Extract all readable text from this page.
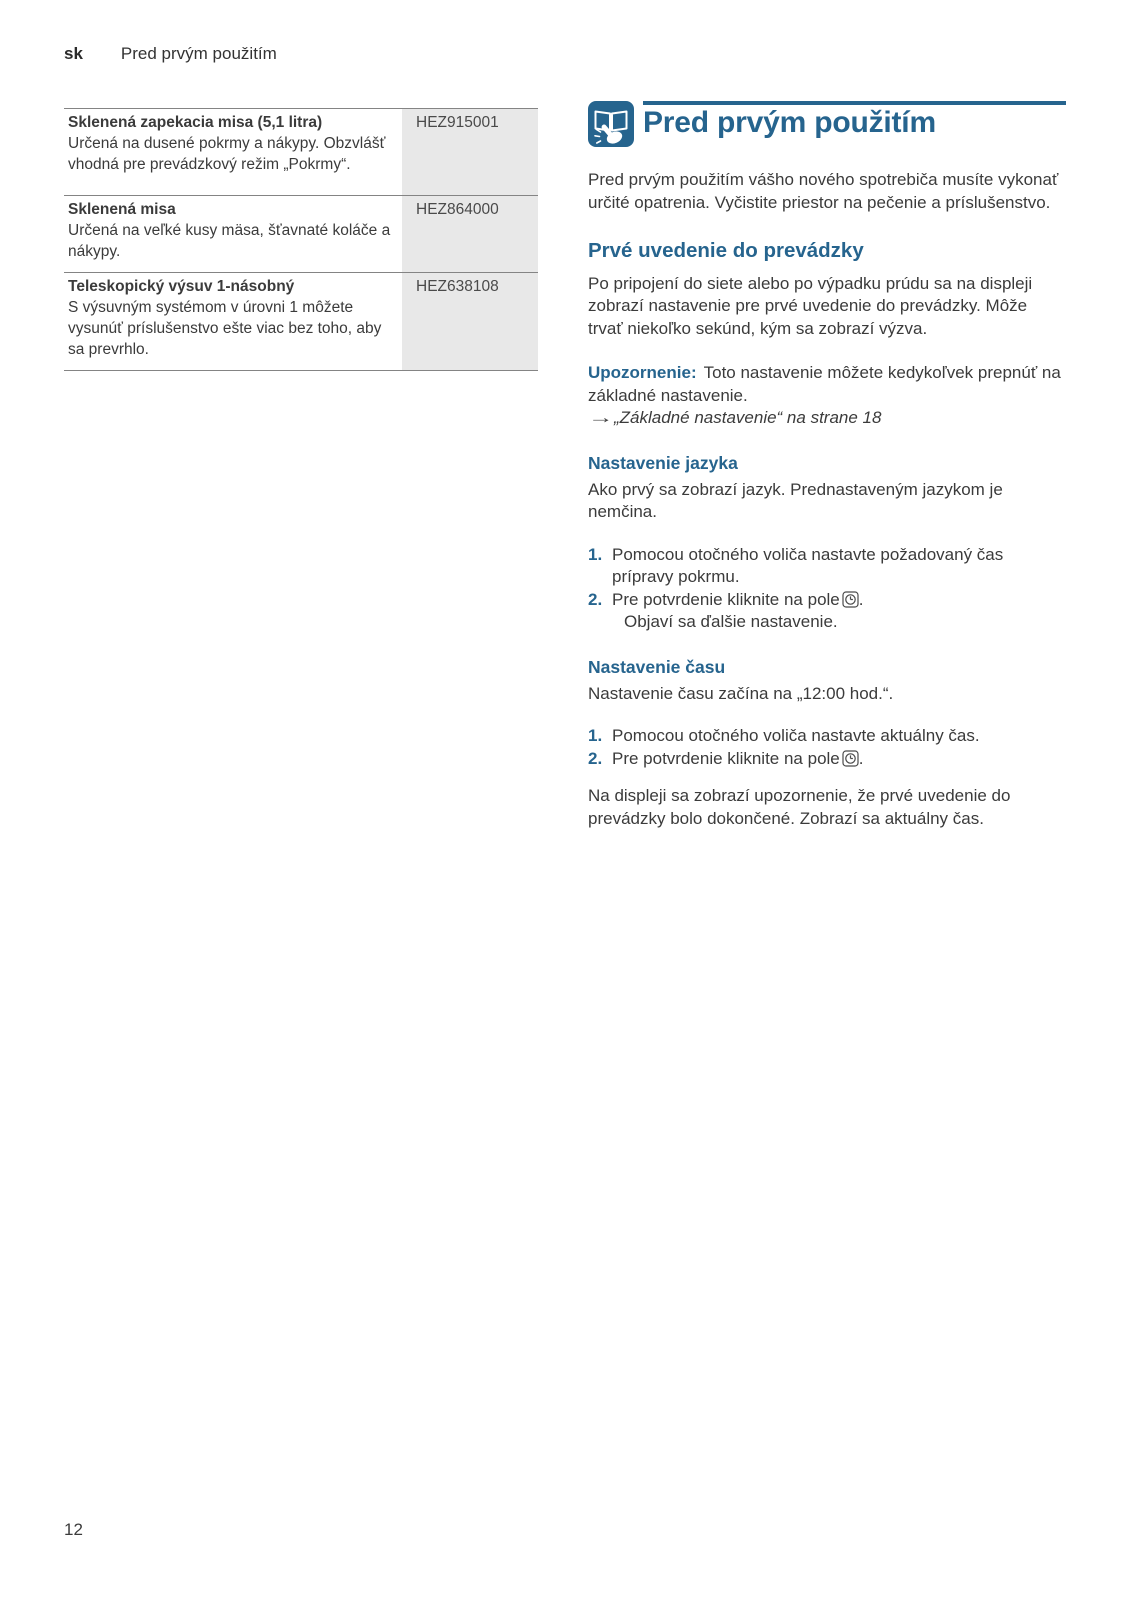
sk Pred prvým použitím
Sklenená zapekacia misa (5,1 litra)
Určená na dusené pokrmy a nákypy. Obzvlášť vhodná pre prevádzkový režim „Pokrmy“.
HEZ915001
Sklenená misa
Určená na veľké kusy mäsa, šťavnaté koláče a nákypy.
HEZ864000
Teleskopický výsuv 1-násobný
S výsuvným systémom v úrovni 1 môžete vysunúť príslušenstvo ešte viac bez toho, aby sa prevrhlo.
HEZ638108
Pred prvým použitím

Pred prvým použitím vášho nového spotrebiča musíte vykonať určité opatrenia. Vyčistite priestor na pečenie a príslušenstvo.

Prvé uvedenie do prevádzky

Po pripojení do siete alebo po výpadku prúdu sa na displeji zobrazí nastavenie pre prvé uvedenie do prevádzky. Môže trvať niekoľko sekúnd, kým sa zobrazí výzva.

Upozornenie: Toto nastavenie môžete kedykoľvek prepnúť na základné nastavenie.

→„Základné nastavenie“ na strane 18
Nastavenie jazyka

Ako prvý sa zobrazí jazyk. Prednastaveným jazykom je nemčina.

1. Pomocou otočného voliča nastavte požadovaný čas prípravy pokrmu.
2. Pre potvrdenie kliknite na pole .
Objaví sa ďalšie nastavenie.
Nastavenie času

Nastavenie času začína na „12:00 hod.“.

1. Pomocou otočného voliča nastavte aktuálny čas.
2. Pre potvrdenie kliknite na pole .

Na displeji sa zobrazí upozornenie, že prvé uvedenie do prevádzky bolo dokončené. Zobrazí sa aktuálny čas.

12
